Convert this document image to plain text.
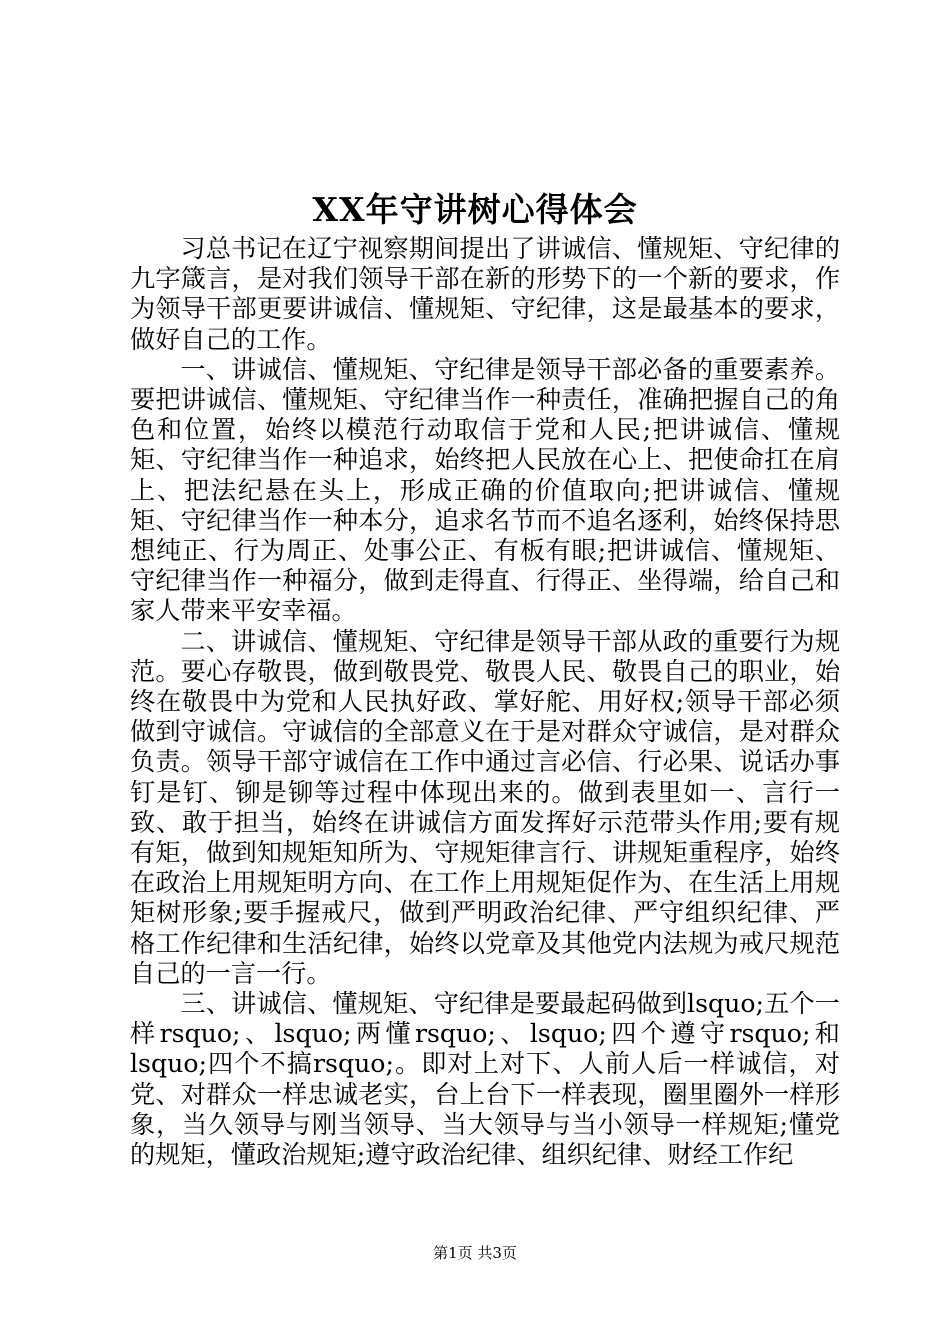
XX年守讲树心得体会

习总书记在辽宁视察期间提出了讲诚信、懂规矩、守纪律的九字箴言，是对我们领导干部在新的形势下的一个新的要求，作为领导干部更要讲诚信、懂规矩、守纪律，这是最基本的要求，做好自己的工作。

一、讲诚信、懂规矩、守纪律是领导干部必备的重要素养。要把讲诚信、懂规矩、守纪律当作一种责任，准确把握自己的角色和位置，始终以模范行动取信于党和人民;把讲诚信、懂规矩、守纪律当作一种追求，始终把人民放在心上、把使命扛在肩上、把法纪悬在头上，形成正确的价值取向;把讲诚信、懂规矩、守纪律当作一种本分，追求名节而不追名逐利，始终保持思想纯正、行为周正、处事公正、有板有眼;把讲诚信、懂规矩、守纪律当作一种福分，做到走得直、行得正、坐得端，给自己和家人带来平安幸福。

二、讲诚信、懂规矩、守纪律是领导干部从政的重要行为规范。要心存敬畏，做到敬畏党、敬畏人民、敬畏自己的职业，始终在敬畏中为党和人民执好政、掌好舵、用好权;领导干部必须做到守诚信。守诚信的全部意义在于是对群众守诚信，是对群众负责。领导干部守诚信在工作中通过言必信、行必果、说话办事钉是钉、铆是铆等过程中体现出来的。做到表里如一、言行一致、敢于担当，始终在讲诚信方面发挥好示范带头作用;要有规有矩，做到知规矩知所为、守规矩律言行、讲规矩重程序，始终在政治上用规矩明方向、在工作上用规矩促作为、在生活上用规矩树形象;要手握戒尺，做到严明政治纪律、严守组织纪律、严格工作纪律和生活纪律，始终以党章及其他党内法规为戒尺规范自己的一言一行。

三、讲诚信、懂规矩、守纪律是要最起码做到lsquo;五个一样rsquo;、lsquo;两懂rsquo;、lsquo;四个遵守rsquo;和lsquo;四个不搞rsquo;。即对上对下、人前人后一样诚信，对党、对群众一样忠诚老实，台上台下一样表现，圈里圈外一样形象，当久领导与刚当领导、当大领导与当小领导一样规矩;懂党的规矩，懂政治规矩;遵守政治纪律、组织纪律、财经工作纪

第1页 共3页
